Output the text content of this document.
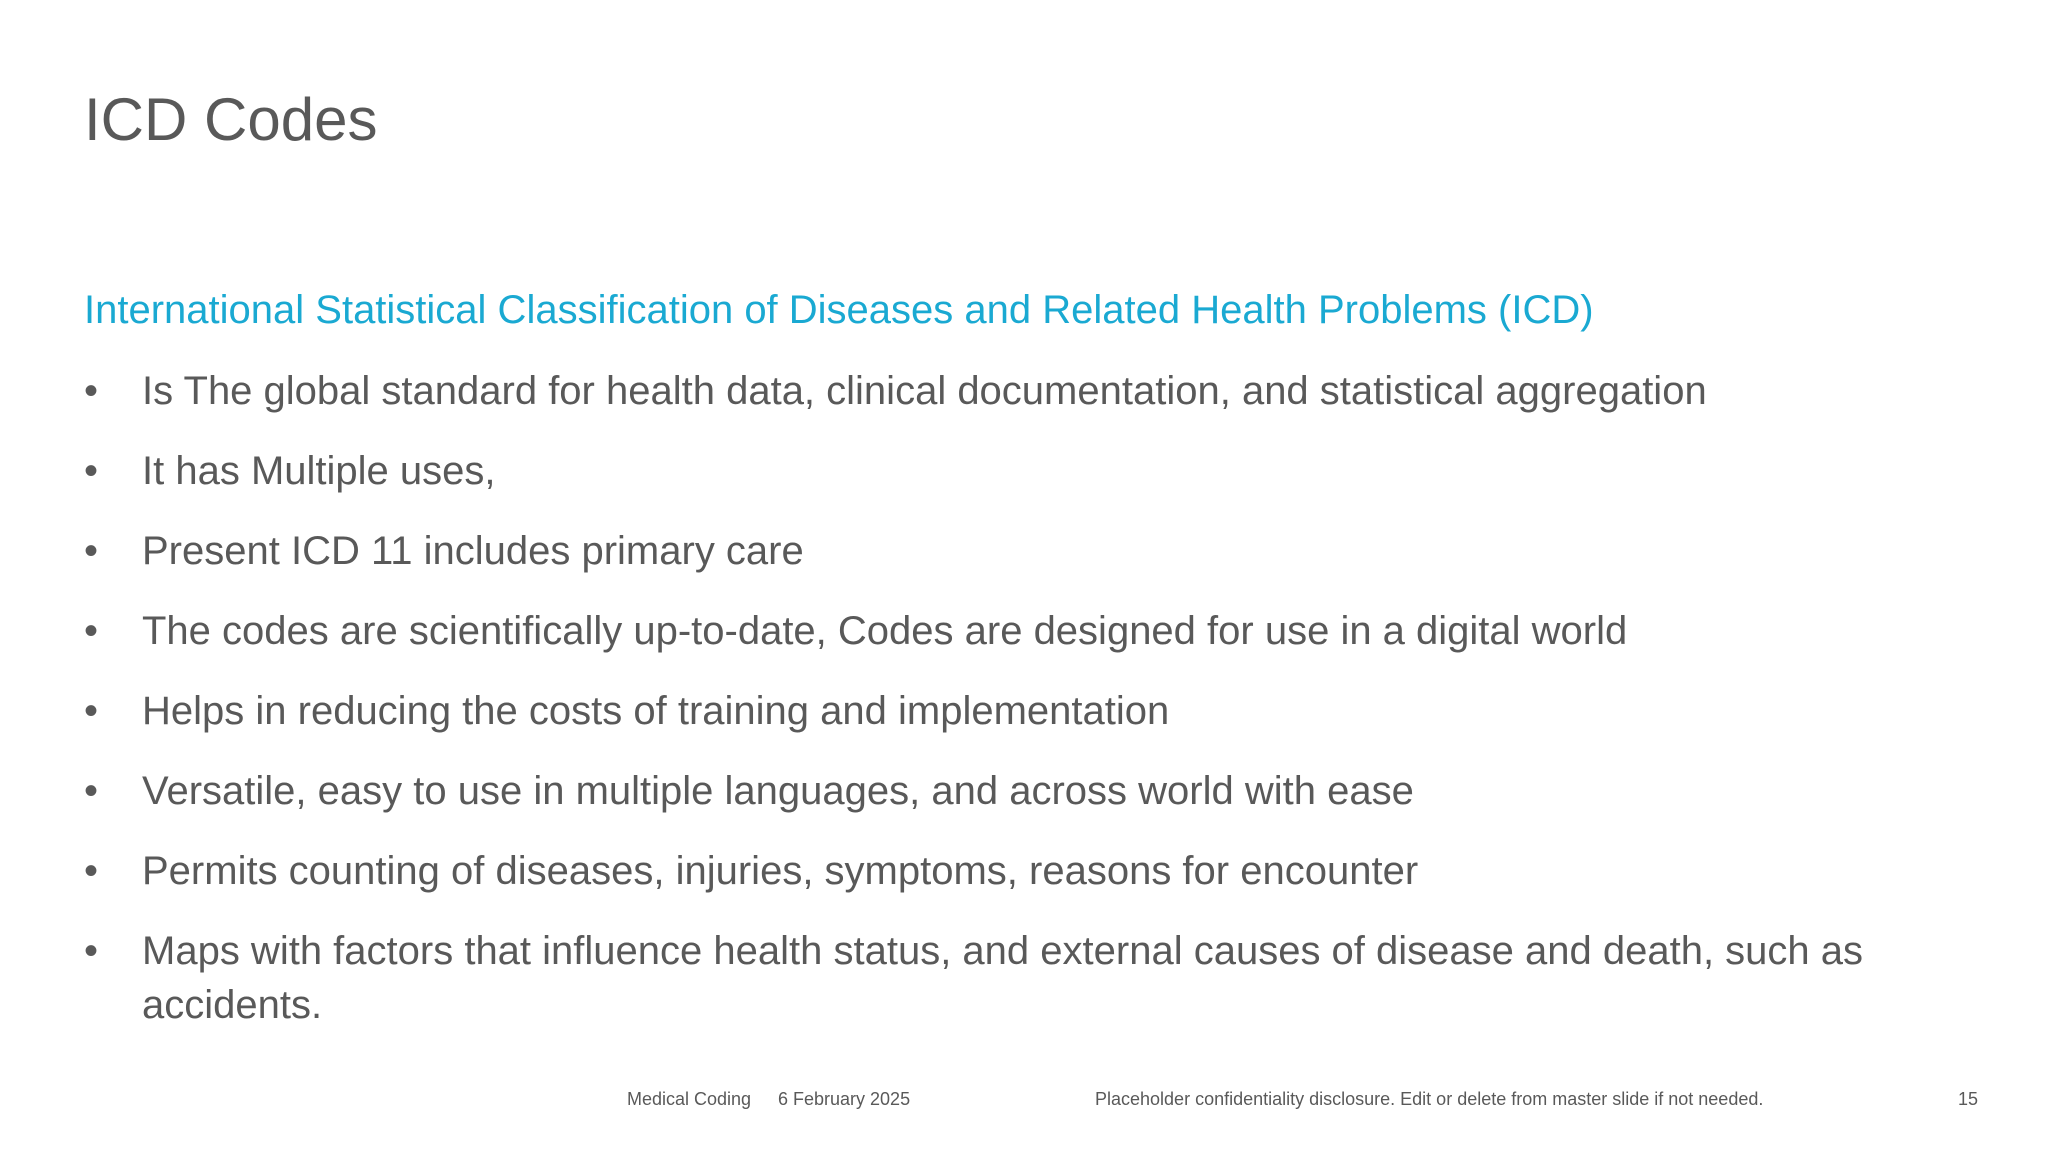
ICD Codes
International Statistical Classification of Diseases and Related Health Problems (ICD)
•	Is The global standard for health data, clinical documentation, and statistical aggregation
•	It has Multiple uses,
•	Present ICD 11 includes primary care
•	The codes are scientifically up-to-date, Codes are designed for use in a digital world
•	Helps in reducing the costs of training and implementation
•	Versatile, easy to use in multiple languages, and across world with ease
•	Permits counting of diseases, injuries, symptoms, reasons for encounter
•	Maps with factors that influence health status, and external causes of disease and death, such as accidents.
Medical Coding 6 February 2025	Placeholder confidentiality disclosure. Edit or delete from master slide if not needed.	15
